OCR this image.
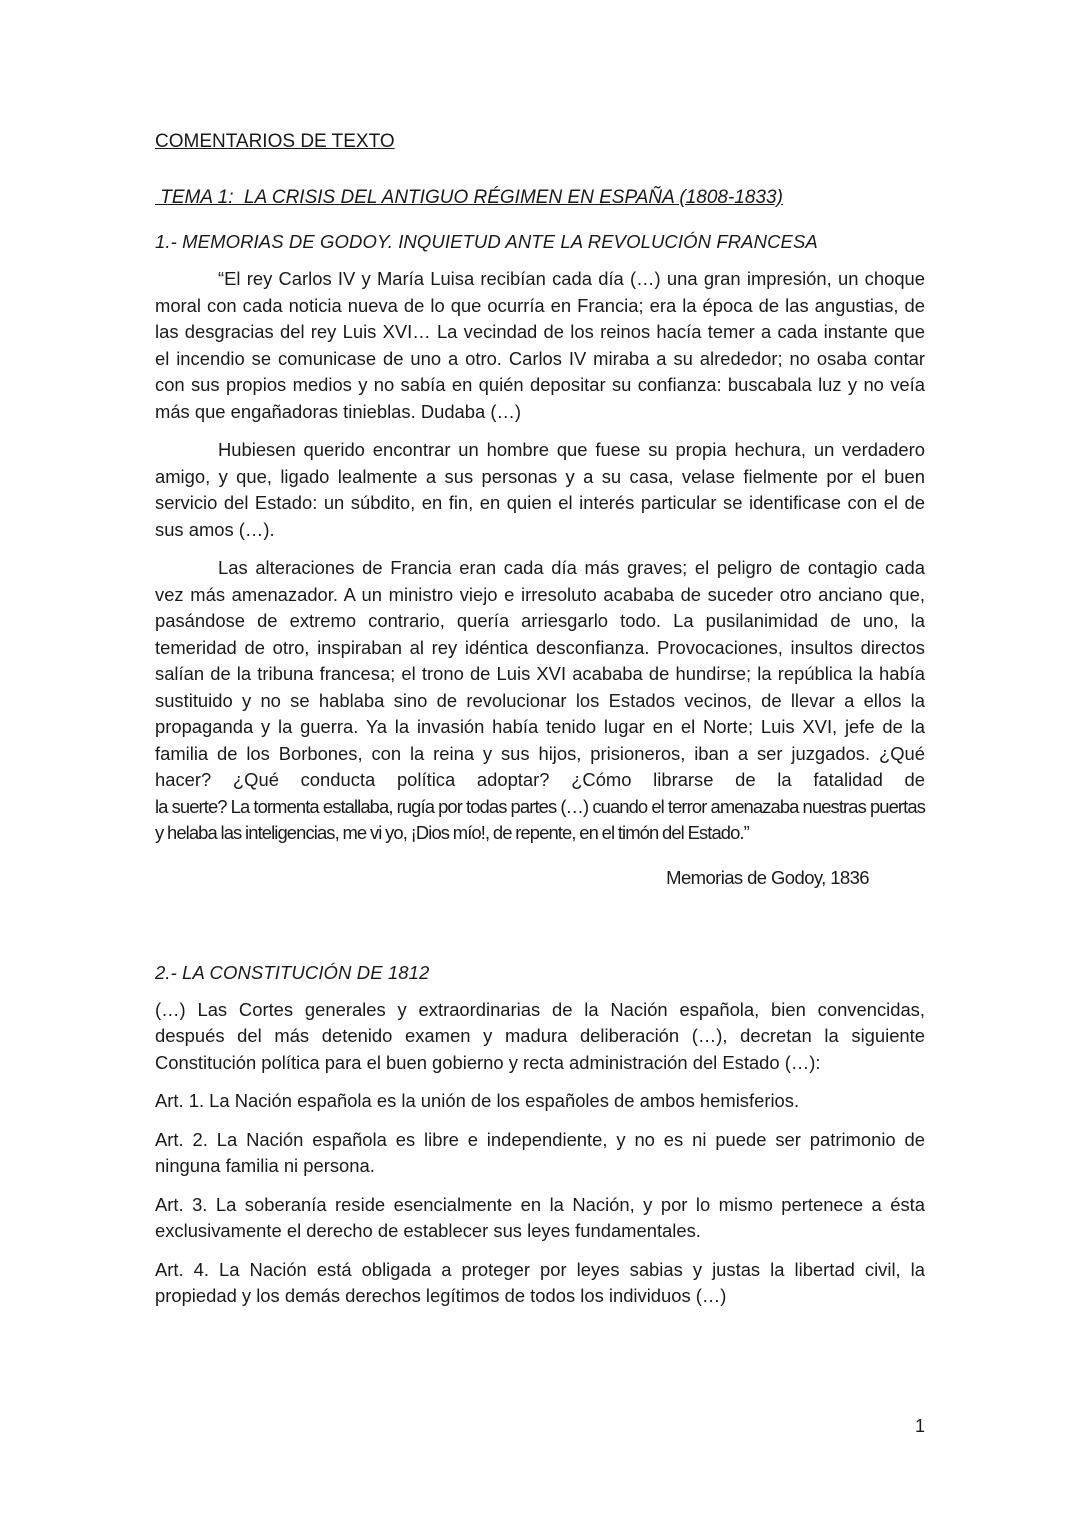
COMENTARIOS DE TEXTO
TEMA 1:  LA CRISIS DEL ANTIGUO RÉGIMEN EN ESPAÑA (1808-1833)
1.- MEMORIAS DE GODOY. INQUIETUD ANTE LA REVOLUCIÓN FRANCESA

“El rey Carlos IV y María Luisa recibían cada día (…) una gran impresión, un choque moral con cada noticia nueva de lo que ocurría en Francia; era la época de las angustias, de las desgracias del rey Luis XVI… La vecindad de los reinos hacía temer a cada instante que el incendio se comunicase de uno a otro. Carlos IV miraba a su alrededor; no osaba contar con sus propios medios y no sabía en quién depositar su confianza: buscabala luz y no veía más que engañadoras tinieblas. Dudaba (…)

Hubiesen querido encontrar un hombre que fuese su propia hechura, un verdadero amigo, y que, ligado lealmente a sus personas y a su casa, velase fielmente por el buen servicio del Estado: un súbdito, en fin, en quien el interés particular se identificase con el de sus amos (…).

Las alteraciones de Francia eran cada día más graves; el peligro de contagio cada vez más amenazador. A un ministro viejo e irresoluto acababa de suceder otro anciano que, pasándose de extremo contrario, quería arriesgarlo todo. La pusilanimidad de uno, la temeridad de otro, inspiraban al rey idéntica desconfianza. Provocaciones, insultos directos salían de la tribuna francesa; el trono de Luis XVI acababa de hundirse; la república la había sustituido y no se hablaba sino de revolucionar los Estados vecinos, de llevar a ellos la propaganda y la guerra. Ya la invasión había tenido lugar en el Norte; Luis XVI, jefe de la familia de los Borbones, con la reina y sus hijos, prisioneros, iban a ser juzgados. ¿Qué hacer? ¿Qué conducta política adoptar? ¿Cómo librarse de la fatalidad de

la suerte? La tormenta estallaba, rugía por todas partes (…) cuando el terror amenazaba nuestras puertas y helaba las inteligencias, me vi yo, ¡Dios mío!, de repente, en el timón del Estado.”

Memorias de Godoy, 1836

2.- LA CONSTITUCIÓN DE 1812

(…) Las Cortes generales y extraordinarias de la Nación española, bien convencidas, después del más detenido examen y madura deliberación (…), decretan la siguiente Constitución política para el buen gobierno y recta administración del Estado (…):

Art. 1. La Nación española es la unión de los españoles de ambos hemisferios.

Art. 2. La Nación española es libre e independiente, y no es ni puede ser patrimonio de ninguna familia ni persona.

Art. 3. La soberanía reside esencialmente en la Nación, y por lo mismo pertenece a ésta exclusivamente el derecho de establecer sus leyes fundamentales.

Art. 4. La Nación está obligada a proteger por leyes sabias y justas la libertad civil, la propiedad y los demás derechos legítimos de todos los individuos (…)

1
